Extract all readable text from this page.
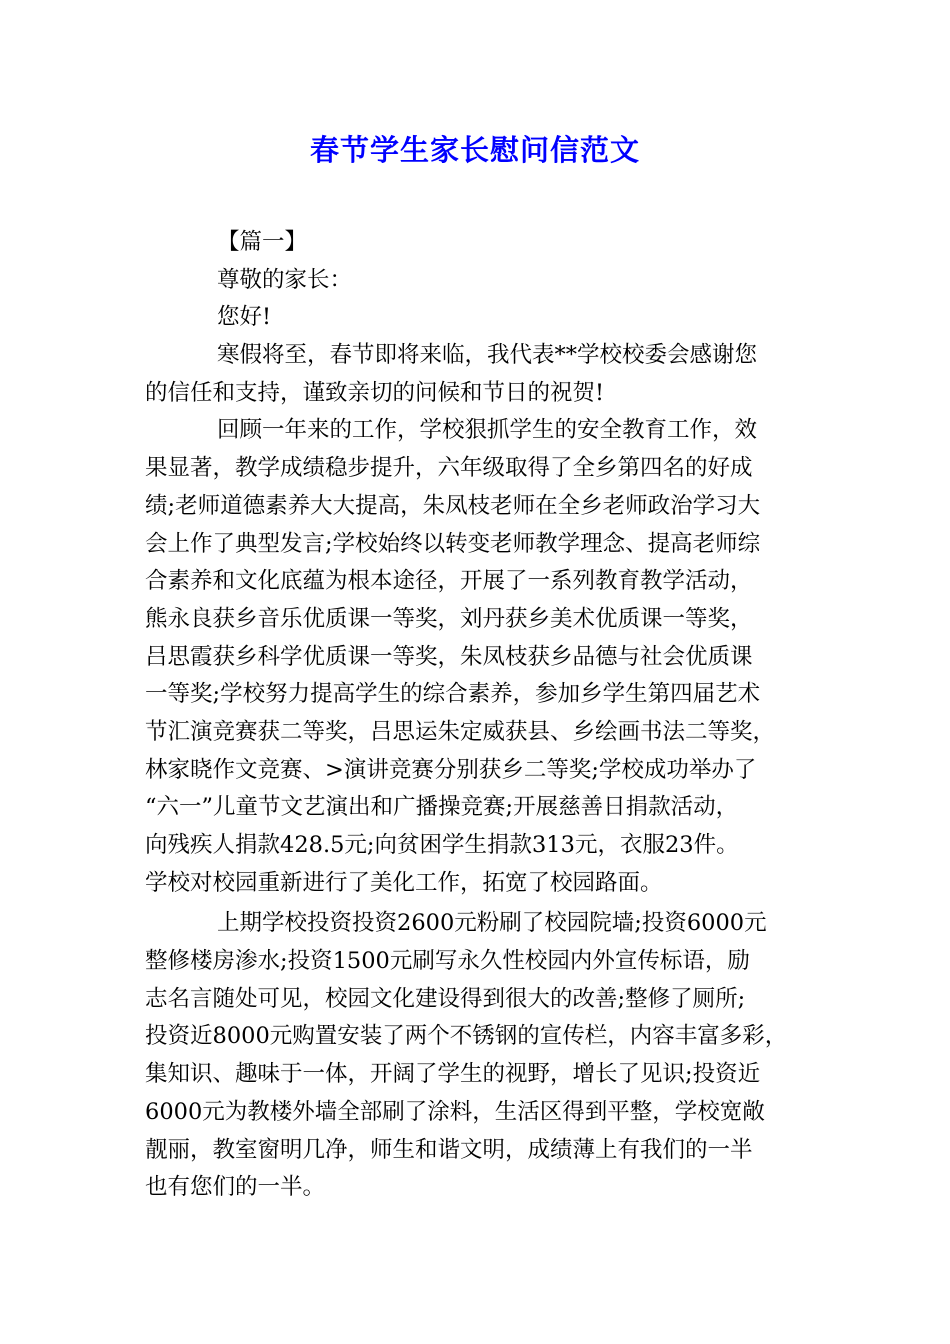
春节学生家长慰问信范文
【篇一】
尊敬的家长：
您好!
寒假将至，春节即将来临，我代表**学校校委会感谢您
的信任和支持，谨致亲切的问候和节日的祝贺!
回顾一年来的工作，学校狠抓学生的安全教育工作，效
果显著，教学成绩稳步提升，六年级取得了全乡第四名的好成
绩;老师道德素养大大提高，朱凤枝老师在全乡老师政治学习大
会上作了典型发言;学校始终以转变老师教学理念、提高老师综
合素养和文化底蕴为根本途径，开展了一系列教育教学活动，
熊永良获乡音乐优质课一等奖，刘丹获乡美术优质课一等奖，
吕思霞获乡科学优质课一等奖，朱凤枝获乡品德与社会优质课
一等奖;学校努力提高学生的综合素养，参加乡学生第四届艺术
节汇演竞赛获二等奖，吕思运朱定威获县、乡绘画书法二等奖，
林家晓作文竞赛、>演讲竞赛分别获乡二等奖;学校成功举办了
“六一”儿童节文艺演出和广播操竞赛;开展慈善日捐款活动，
向残疾人捐款428.5元;向贫困学生捐款313元，衣服23件。
学校对校园重新进行了美化工作，拓宽了校园路面。
上期学校投资投资2600元粉刷了校园院墙;投资6000元
整修楼房渗水;投资1500元刷写永久性校园内外宣传标语，励
志名言随处可见，校园文化建设得到很大的改善;整修了厕所;
投资近8000元购置安装了两个不锈钢的宣传栏，内容丰富多彩，
集知识、趣味于一体，开阔了学生的视野，增长了见识;投资近
6000元为教楼外墙全部刷了涂料，生活区得到平整，学校宽敞
靓丽，教室窗明几净，师生和谐文明，成绩薄上有我们的一半
也有您们的一半。
